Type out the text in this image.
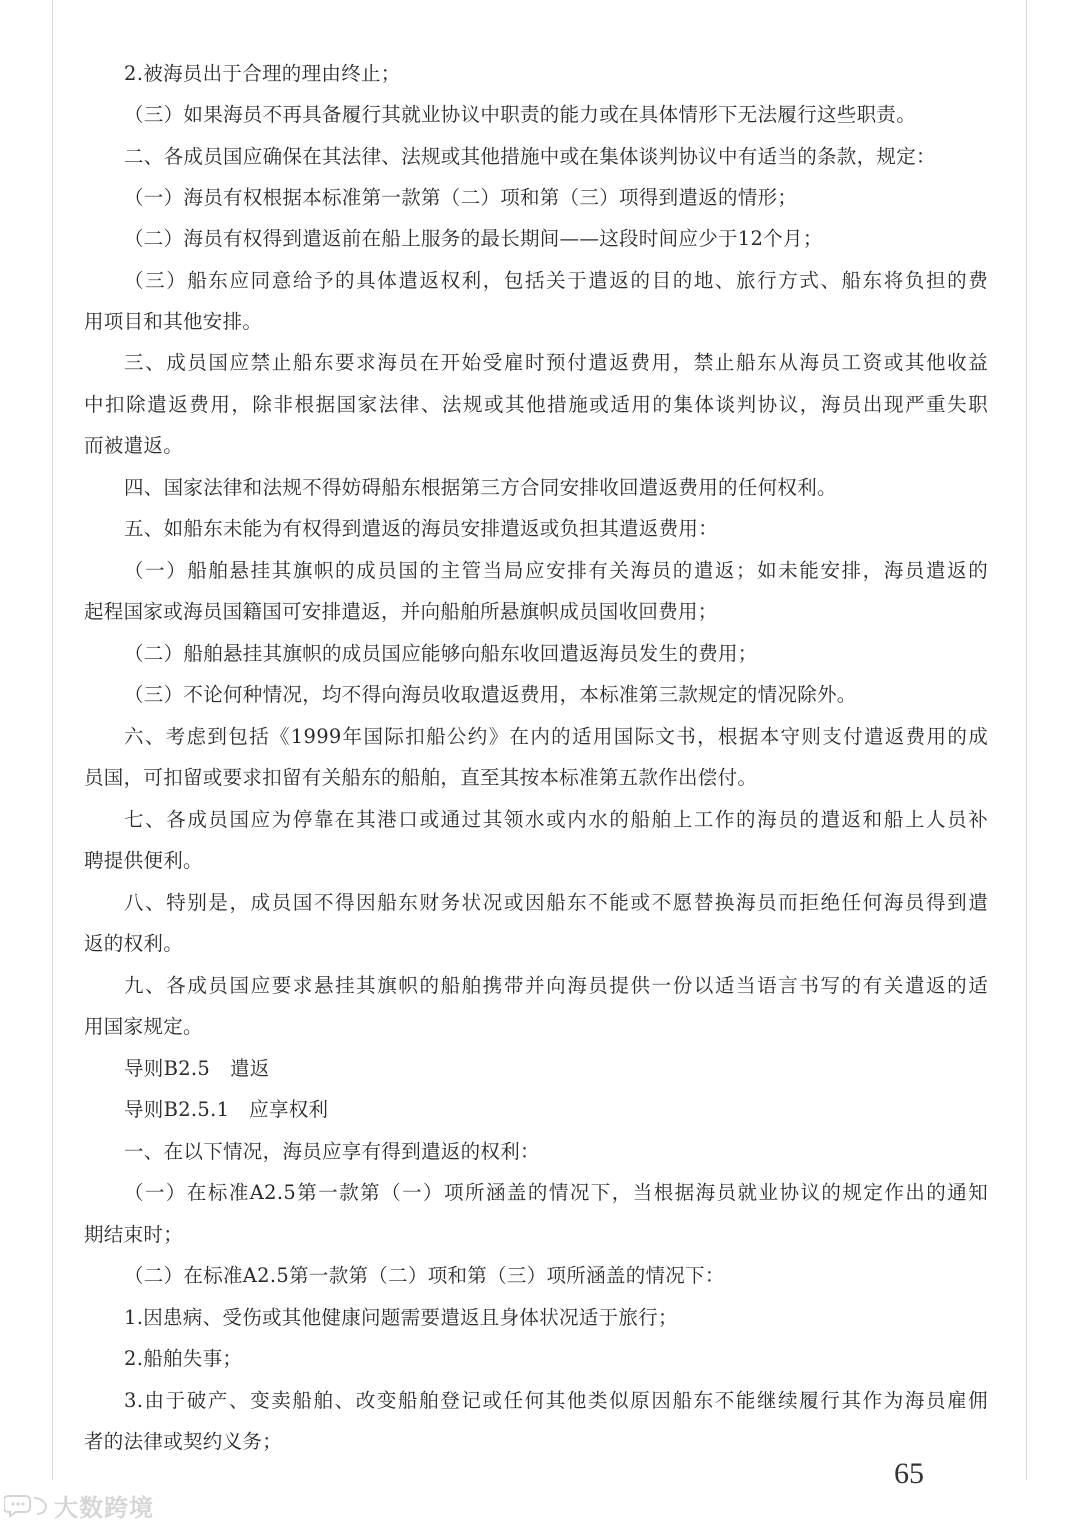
2.被海员出于合理的理由终止；
（三）如果海员不再具备履行其就业协议中职责的能力或在具体情形下无法履行这些职责。
二、各成员国应确保在其法律、法规或其他措施中或在集体谈判协议中有适当的条款，规定：
（一）海员有权根据本标准第一款第（二）项和第（三）项得到遣返的情形；
（二）海员有权得到遣返前在船上服务的最长期间——这段时间应少于12个月；
（三）船东应同意给予的具体遣返权利，包括关于遣返的目的地、旅行方式、船东将负担的费
用项目和其他安排。
三、成员国应禁止船东要求海员在开始受雇时预付遣返费用，禁止船东从海员工资或其他收益
中扣除遣返费用，除非根据国家法律、法规或其他措施或适用的集体谈判协议，海员出现严重失职
而被遣返。
四、国家法律和法规不得妨碍船东根据第三方合同安排收回遣返费用的任何权利。
五、如船东未能为有权得到遣返的海员安排遣返或负担其遣返费用：
（一）船舶悬挂其旗帜的成员国的主管当局应安排有关海员的遣返；如未能安排，海员遣返的
起程国家或海员国籍国可安排遣返，并向船舶所悬旗帜成员国收回费用；
（二）船舶悬挂其旗帜的成员国应能够向船东收回遣返海员发生的费用；
（三）不论何种情况，均不得向海员收取遣返费用，本标准第三款规定的情况除外。
六、考虑到包括《1999年国际扣船公约》在内的适用国际文书，根据本守则支付遣返费用的成
员国，可扣留或要求扣留有关船东的船舶，直至其按本标准第五款作出偿付。
七、各成员国应为停靠在其港口或通过其领水或内水的船舶上工作的海员的遣返和船上人员补
聘提供便利。
八、特别是，成员国不得因船东财务状况或因船东不能或不愿替换海员而拒绝任何海员得到遣
返的权利。
九、各成员国应要求悬挂其旗帜的船舶携带并向海员提供一份以适当语言书写的有关遣返的适
用国家规定。
导则B2.5　遣返
导则B2.5.1　应享权利
一、在以下情况，海员应享有得到遣返的权利：
（一）在标准A2.5第一款第（一）项所涵盖的情况下，当根据海员就业协议的规定作出的通知
期结束时；
（二）在标准A2.5第一款第（二）项和第（三）项所涵盖的情况下：
1.因患病、受伤或其他健康问题需要遣返且身体状况适于旅行；
2.船舶失事；
3.由于破产、变卖船舶、改变船舶登记或任何其他类似原因船东不能继续履行其作为海员雇佣
者的法律或契约义务；
65
大数跨境
